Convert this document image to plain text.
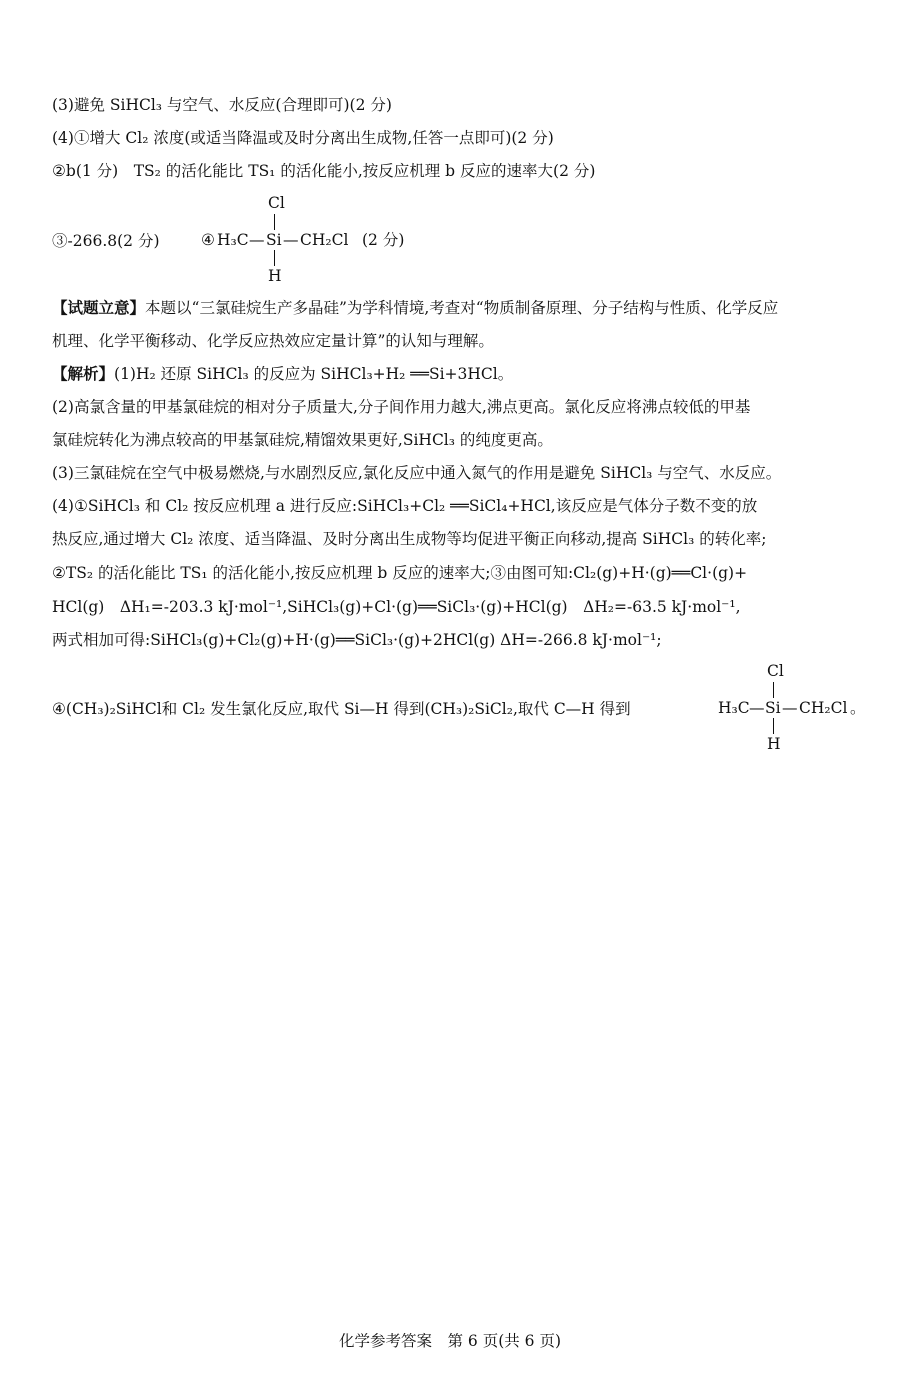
(3)避免 SiHCl₃ 与空气、水反应(合理即可)(2 分)
(4)①增大 Cl₂ 浓度(或适当降温或及时分离出生成物,任答一点即可)(2 分)
②b(1 分)　TS₂ 的活化能比 TS₁ 的活化能小,按反应机理 b 反应的速率大(2 分)
③-266.8(2 分)	④
Cl
H₃C — Si — CH₂Cl
H
(2 分)
【试题立意】本题以“三氯硅烷生产多晶硅”为学科情境,考查对“物质制备原理、分子结构与性质、化学反应
机理、化学平衡移动、化学反应热效应定量计算”的认知与理解。
【解析】(1)H₂ 还原 SiHCl₃ 的反应为 SiHCl₃+H₂ ══Si+3HCl。
(2)高氯含量的甲基氯硅烷的相对分子质量大,分子间作用力越大,沸点更高。氯化反应将沸点较低的甲基
氯硅烷转化为沸点较高的甲基氯硅烷,精馏效果更好,SiHCl₃ 的纯度更高。
(3)三氯硅烷在空气中极易燃烧,与水剧烈反应,氯化反应中通入氮气的作用是避免 SiHCl₃ 与空气、水反应。
(4)①SiHCl₃ 和 Cl₂ 按反应机理 a 进行反应:SiHCl₃+Cl₂ ══SiCl₄+HCl,该反应是气体分子数不变的放
热反应,通过增大 Cl₂ 浓度、适当降温、及时分离出生成物等均促进平衡正向移动,提高 SiHCl₃ 的转化率;
②TS₂ 的活化能比 TS₁ 的活化能小,按反应机理 b 反应的速率大;③由图可知:Cl₂(g)+H·(g)══Cl·(g)+
HCl(g)　ΔH₁=-203.3 kJ·mol⁻¹,SiHCl₃(g)+Cl·(g)══SiCl₃·(g)+HCl(g)　ΔH₂=-63.5 kJ·mol⁻¹,
两式相加可得:SiHCl₃(g)+Cl₂(g)+H·(g)══SiCl₃·(g)+2HCl(g) ΔH=-266.8 kJ·mol⁻¹;
④(CH₃)₂SiHCl和 Cl₂ 发生氯化反应,取代 Si—H 得到(CH₃)₂SiCl₂,取代 C—H 得到
Cl
H₃C — Si — CH₂Cl
H
。
化学参考答案　第 6 页(共 6 页)
